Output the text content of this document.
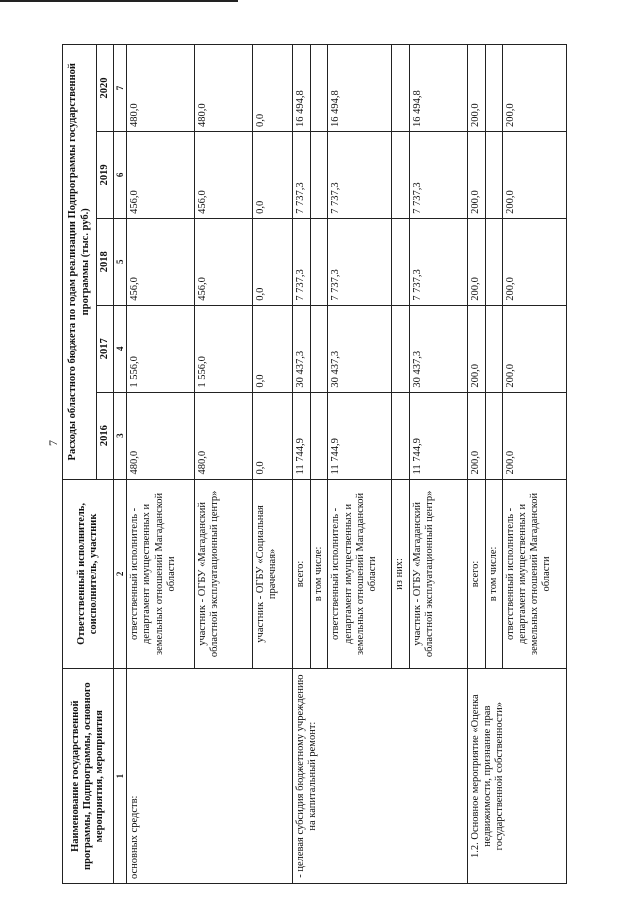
7
Наименование государственной программы, Подпрограммы, основного мероприятия, мероприятия	Ответственный исполнитель, соисполнитель, участник	Расходы областного бюджета по годам реализации Подпрограммы государственной программы (тыс. руб.)				
		2016	2017	2018	2019	2020
1	2	3	4	5	6	7
основных средств:	ответственный исполнитель - департамент имущественных и земельных отношений Магаданской области	480,0	1 556,0	456,0	456,0	480,0
	участник - ОГБУ «Магаданский областной эксплуатационный центр»	480,0	1 556,0	456,0	456,0	480,0
	участник - ОГБУ «Социальная прачечная»	0,0	0,0	0,0	0,0	0,0
- целевая субсидия бюджетному учреждению на капитальный ремонт:	всего:	11 744,9	30 437,3	7 737,3	7 737,3	16 494,8
	в том числе:					
	ответственный исполнитель - департамент имущественных и земельных отношений Магаданской области	11 744,9	30 437,3	7 737,3	7 737,3	16 494,8
	из них:					
	участник - ОГБУ «Магаданский областной эксплуатационный центр»	11 744,9	30 437,3	7 737,3	7 737,3	16 494,8
1.2. Основное мероприятие «Оценка недвижимости, признание прав государственной собственности»	всего:	200,0	200,0	200,0	200,0	200,0
	в том числе:					
	ответственный исполнитель - департамент имущественных и земельных отношений Магаданской области	200,0	200,0	200,0	200,0	200,0
